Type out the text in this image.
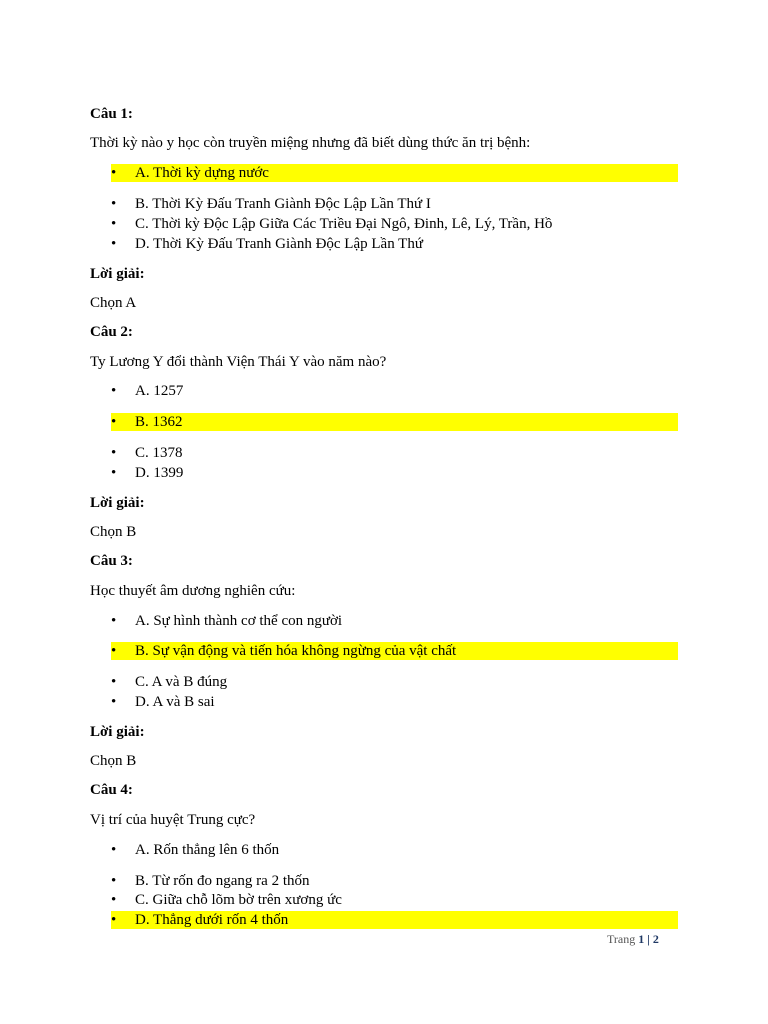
Câu 1:
Thời kỳ nào y học còn truyền miệng nhưng đã biết dùng thức ăn trị bệnh:
•	A. Thời kỳ dựng nước
•	B. Thời Kỳ Đấu Tranh Giành Độc Lập Lần Thứ I
•	C. Thời kỳ Độc Lập Giữa Các Triều Đại Ngô, Đinh, Lê, Lý, Trần, Hồ
•	D. Thời Kỳ Đấu Tranh Giành Độc Lập Lần Thứ
Lời giải:
Chọn A
Câu 2:
Ty Lương Y đổi thành Viện Thái Y vào năm nào?
•	A. 1257
•	B. 1362
•	C. 1378
•	D. 1399
Lời giải:
Chọn B
Câu 3:
Học thuyết âm dương nghiên cứu:
•	A. Sự hình thành cơ thể con người
•	B. Sự vận động và tiến hóa không ngừng của vật chất
•	C. A và B đúng
•	D. A và B sai
Lời giải:
Chọn B
Câu 4:
Vị trí của huyệt Trung cực?
•	A. Rốn thẳng lên 6 thốn
•	B. Từ rốn đo ngang ra 2 thốn
•	C. Giữa chỗ lõm bờ trên xương ức
•	D. Thẳng dưới rốn 4 thốn
Trang 1 | 2
